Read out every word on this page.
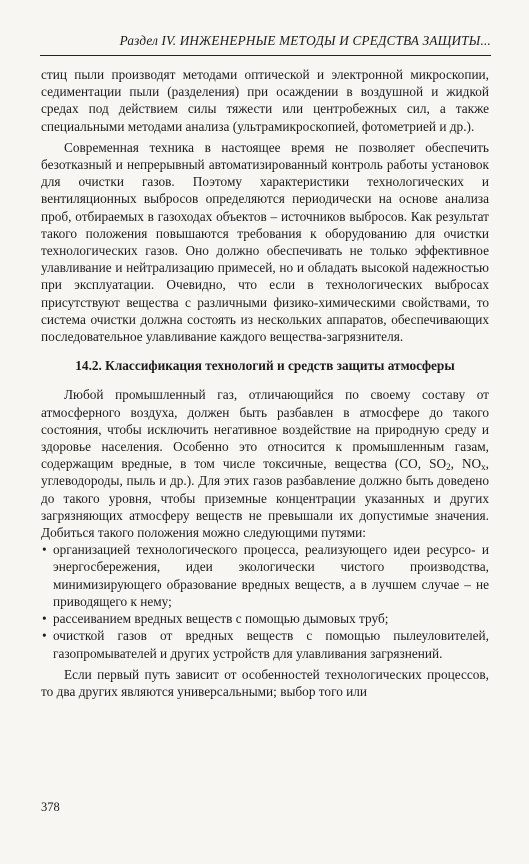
Раздел IV. ИНЖЕНЕРНЫЕ МЕТОДЫ И СРЕДСТВА ЗАЩИТЫ...

стиц пыли производят методами оптической и электронной микроскопии, седиментации пыли (разделения) при осаждении в воздушной и жидкой средах под действием силы тяжести или центробежных сил, а также специальными методами анализа (ультрамикроскопией, фотометрией и др.).

Современная техника в настоящее время не позволяет обеспечить безотказный и непрерывный автоматизированный контроль работы установок для очистки газов. Поэтому характеристики технологических и вентиляционных выбросов определяются периодически на основе анализа проб, отбираемых в газоходах объектов – источников выбросов. Как результат такого положения повышаются требования к оборудованию для очистки технологических газов. Оно должно обеспечивать не только эффективное улавливание и нейтрализацию примесей, но и обладать высокой надежностью при эксплуатации. Очевидно, что если в технологических выбросах присутствуют вещества с различными физико-химическими свойствами, то система очистки должна состоять из нескольких аппаратов, обеспечивающих последовательное улавливание каждого вещества-загрязнителя.

14.2. Классификация технологий и средств защиты атмосферы

Любой промышленный газ, отличающийся по своему составу от атмосферного воздуха, должен быть разбавлен в атмосфере до такого состояния, чтобы исключить негативное воздействие на природную среду и здоровье населения. Особенно это относится к промышленным газам, содержащим вредные, в том числе токсичные, вещества (СО, $SO_2$, $NO_x$, углеводороды, пыль и др.). Для этих газов разбавление должно быть доведено до такого уровня, чтобы приземные концентрации указанных и других загрязняющих атмосферу веществ не превышали их допустимые значения. Добиться такого положения можно следующими путями:

• организацией технологического процесса, реализующего идеи ресурсо- и энергосбережения, идеи экологически чистого производства, минимизирующего образование вредных веществ, а в лучшем случае – не приводящего к нему;
• рассеиванием вредных веществ с помощью дымовых труб;
• очисткой газов от вредных веществ с помощью пылеуловителей, газопромывателей и других устройств для улавливания загрязнений.

Если первый путь зависит от особенностей технологических процессов, то два других являются универсальными; выбор того или

378
